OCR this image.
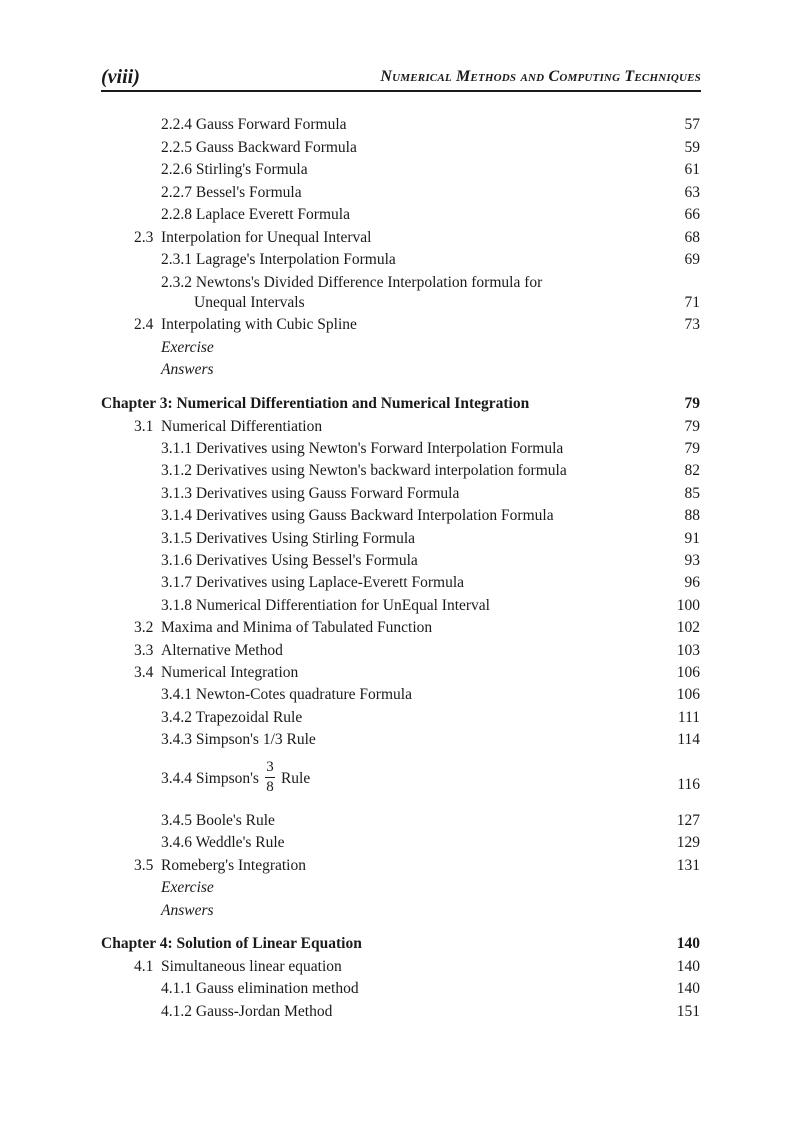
(viii)	Numerical Methods and Computing Techniques
2.2.4 Gauss Forward Formula	57
2.2.5 Gauss Backward Formula	59
2.2.6 Stirling's Formula	61
2.2.7 Bessel's Formula	63
2.2.8 Laplace Everett Formula	66
2.3 Interpolation for Unequal Interval	68
2.3.1 Lagrage's Interpolation Formula	69
2.3.2 Newtons's Divided Difference Interpolation formula for
Unequal Intervals	71
2.4 Interpolating with Cubic Spline	73
Exercise
Answers
Chapter 3: Numerical Differentiation and Numerical Integration	79
3.1 Numerical Differentiation	79
3.1.1 Derivatives using Newton's Forward Interpolation Formula	79
3.1.2 Derivatives using Newton's backward interpolation formula	82
3.1.3 Derivatives using Gauss Forward Formula	85
3.1.4 Derivatives using Gauss Backward Interpolation Formula	88
3.1.5 Derivatives Using Stirling Formula	91
3.1.6 Derivatives Using Bessel's Formula	93
3.1.7 Derivatives using Laplace-Everett Formula	96
3.1.8 Numerical Differentiation for UnEqual Interval	100
3.2 Maxima and Minima of Tabulated Function	102
3.3 Alternative Method	103
3.4 Numerical Integration	106
3.4.1 Newton-Cotes quadrature Formula	106
3.4.2 Trapezoidal Rule	111
3.4.3 Simpson's 1/3 Rule	114
3.4.4 Simpson's $\frac{3}{8}$ Rule	116
3.4.5 Boole's Rule	127
3.4.6 Weddle's Rule	129
3.5 Romeberg's Integration	131
Exercise
Answers
Chapter 4: Solution of Linear Equation	140
4.1 Simultaneous linear equation	140
4.1.1 Gauss elimination method	140
4.1.2 Gauss-Jordan Method	151
